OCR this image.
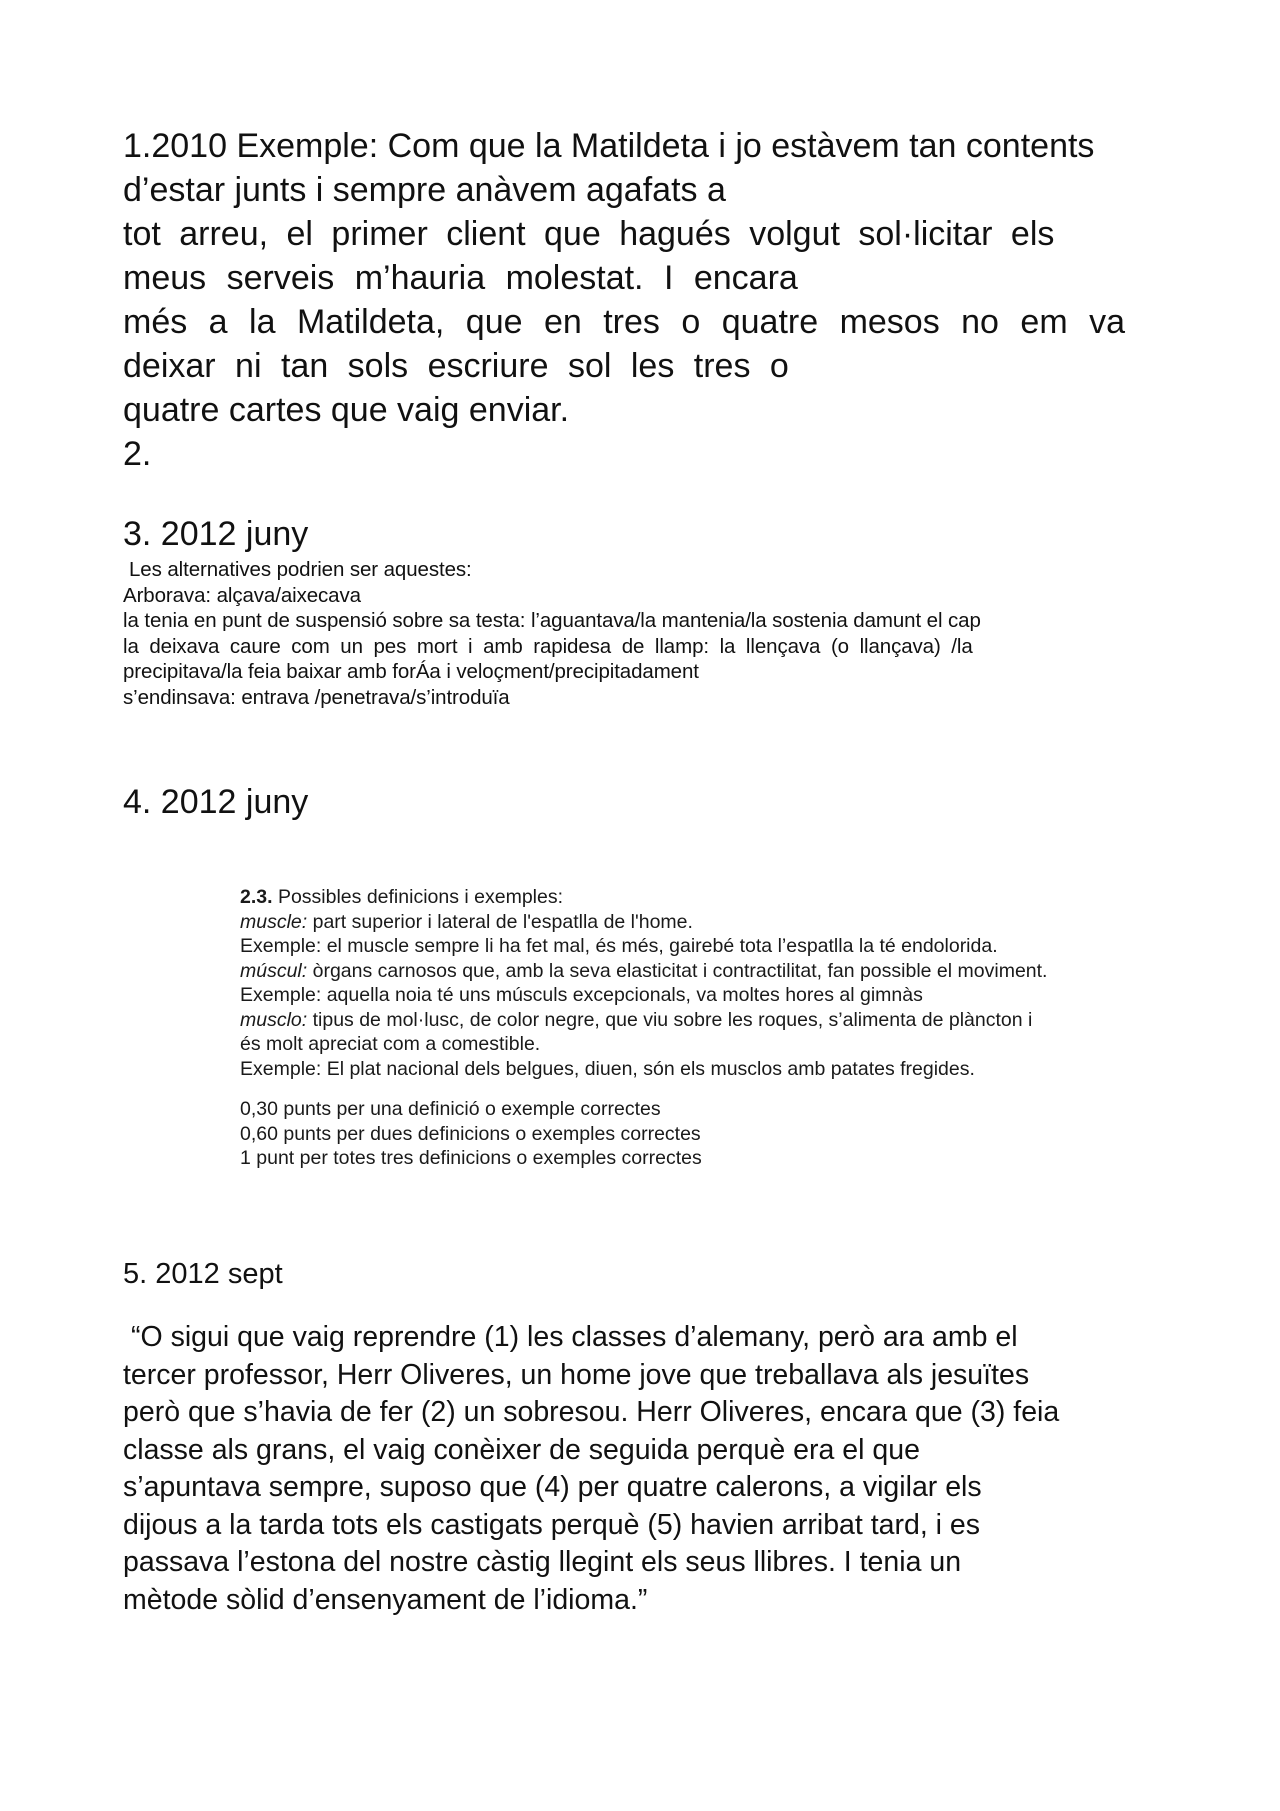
1.2010 Exemple: Com que la Matildeta i jo estàvem tan contents
d’estar junts i sempre anàvem agafats a
tot arreu, el primer client que hagués volgut sol·licitar els
meus serveis m’hauria molestat. I encara
més a la Matildeta, que en tres o quatre mesos no em va
deixar ni tan sols escriure sol les tres o
quatre cartes que vaig enviar.
2.
3. 2012 juny
Les alternatives podrien ser aquestes:
Arborava: alçava/aixecava
la tenia en punt de suspensió sobre sa testa: l’aguantava/la mantenia/la sostenia damunt el cap
la deixava caure com un pes mort i amb rapidesa de llamp: la llençava (o llançava) /la
precipitava/la feia baixar amb forÁa i veloçment/precipitadament
s’endinsava: entrava /penetrava/s’introduïa
4. 2012 juny
2.3. Possibles definicions i exemples:
muscle: part superior i lateral de l'espatlla de l'home.
Exemple: el muscle sempre li ha fet mal, és més, gairebé tota l’espatlla la té endolorida.
múscul: òrgans carnosos que, amb la seva elasticitat i contractilitat, fan possible el moviment.
Exemple: aquella noia té uns músculs excepcionals, va moltes hores al gimnàs
musclo: tipus de mol·lusc, de color negre, que viu sobre les roques, s’alimenta de plàncton i
és molt apreciat com a comestible.
Exemple: El plat nacional dels belgues, diuen, són els musclos amb patates fregides.
0,30 punts per una definició o exemple correctes
0,60 punts per dues definicions o exemples correctes
1 punt per totes tres definicions o exemples correctes
5. 2012 sept
“O sigui que vaig reprendre (1) les classes d’alemany, però ara amb el
tercer professor, Herr Oliveres, un home jove que treballava als jesuïtes
però que s’havia de fer (2) un sobresou. Herr Oliveres, encara que (3) feia
classe als grans, el vaig conèixer de seguida perquè era el que
s’apuntava sempre, suposo que (4) per quatre calerons, a vigilar els
dijous a la tarda tots els castigats perquè (5) havien arribat tard, i es
passava l’estona del nostre càstig llegint els seus llibres. I tenia un
mètode sòlid d’ensenyament de l’idioma.”
